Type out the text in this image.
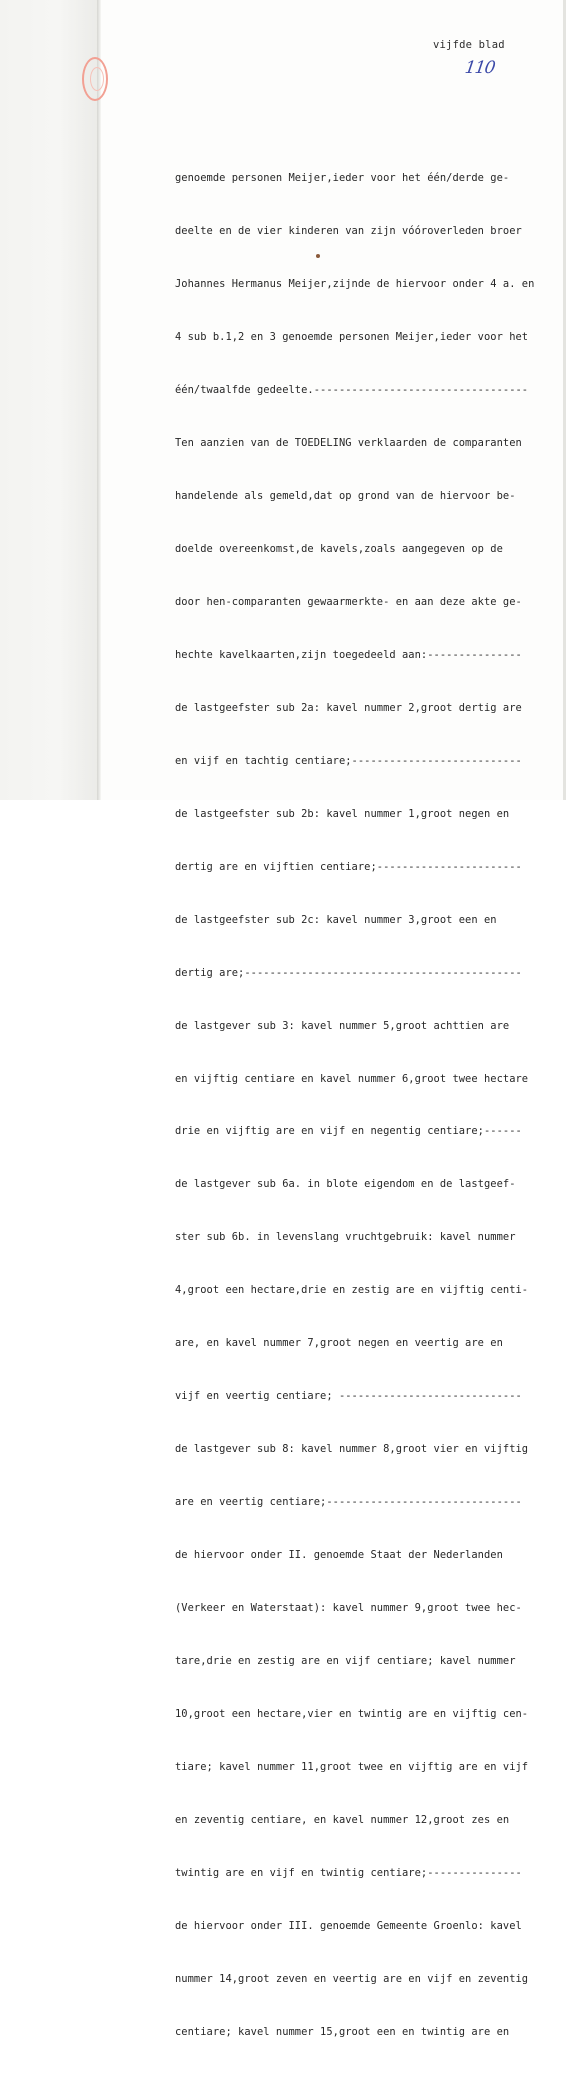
vijfde blad
110

genoemde personen Meijer,ieder voor het één/derde ge-

deelte en de vier kinderen van zijn vóóroverleden broer

Johannes Hermanus Meijer,zijnde de hiervoor onder 4 a. en

4 sub b.1,2 en 3 genoemde personen Meijer,ieder voor het

één/twaalfde gedeelte.----------------------------------

Ten aanzien van de TOEDELING verklaarden de comparanten

handelende als gemeld,dat op grond van de hiervoor be-

doelde overeenkomst,de kavels,zoals aangegeven op de

door hen-comparanten gewaarmerkte- en aan deze akte ge-

hechte kavelkaarten,zijn toegedeeld aan:---------------

de lastgeefster sub 2a: kavel nummer 2,groot dertig are

en vijf en tachtig centiare;---------------------------

de lastgeefster sub 2b: kavel nummer 1,groot negen en

dertig are en vijftien centiare;-----------------------

de lastgeefster sub 2c: kavel nummer 3,groot een en

dertig are;--------------------------------------------

de lastgever sub 3: kavel nummer 5,groot achttien are

en vijftig centiare en kavel nummer 6,groot twee hectare

drie en vijftig are en vijf en negentig centiare;------

de lastgever sub 6a. in blote eigendom en de lastgeef-

ster sub 6b. in levenslang vruchtgebruik: kavel nummer

4,groot een hectare,drie en zestig are en vijftig centi-

are, en kavel nummer 7,groot negen en veertig are en

vijf en veertig centiare; -----------------------------

de lastgever sub 8: kavel nummer 8,groot vier en vijftig

are en veertig centiare;-------------------------------

de hiervoor onder II. genoemde Staat der Nederlanden

(Verkeer en Waterstaat): kavel nummer 9,groot twee hec-

tare,drie en zestig are en vijf centiare; kavel nummer

10,groot een hectare,vier en twintig are en vijftig cen-

tiare; kavel nummer 11,groot twee en vijftig are en vijf

en zeventig centiare, en kavel nummer 12,groot zes en

twintig are en vijf en twintig centiare;---------------

de hiervoor onder III. genoemde Gemeente Groenlo: kavel

nummer 14,groot zeven en veertig are en vijf en zeventig

centiare; kavel nummer 15,groot een en twintig are en
